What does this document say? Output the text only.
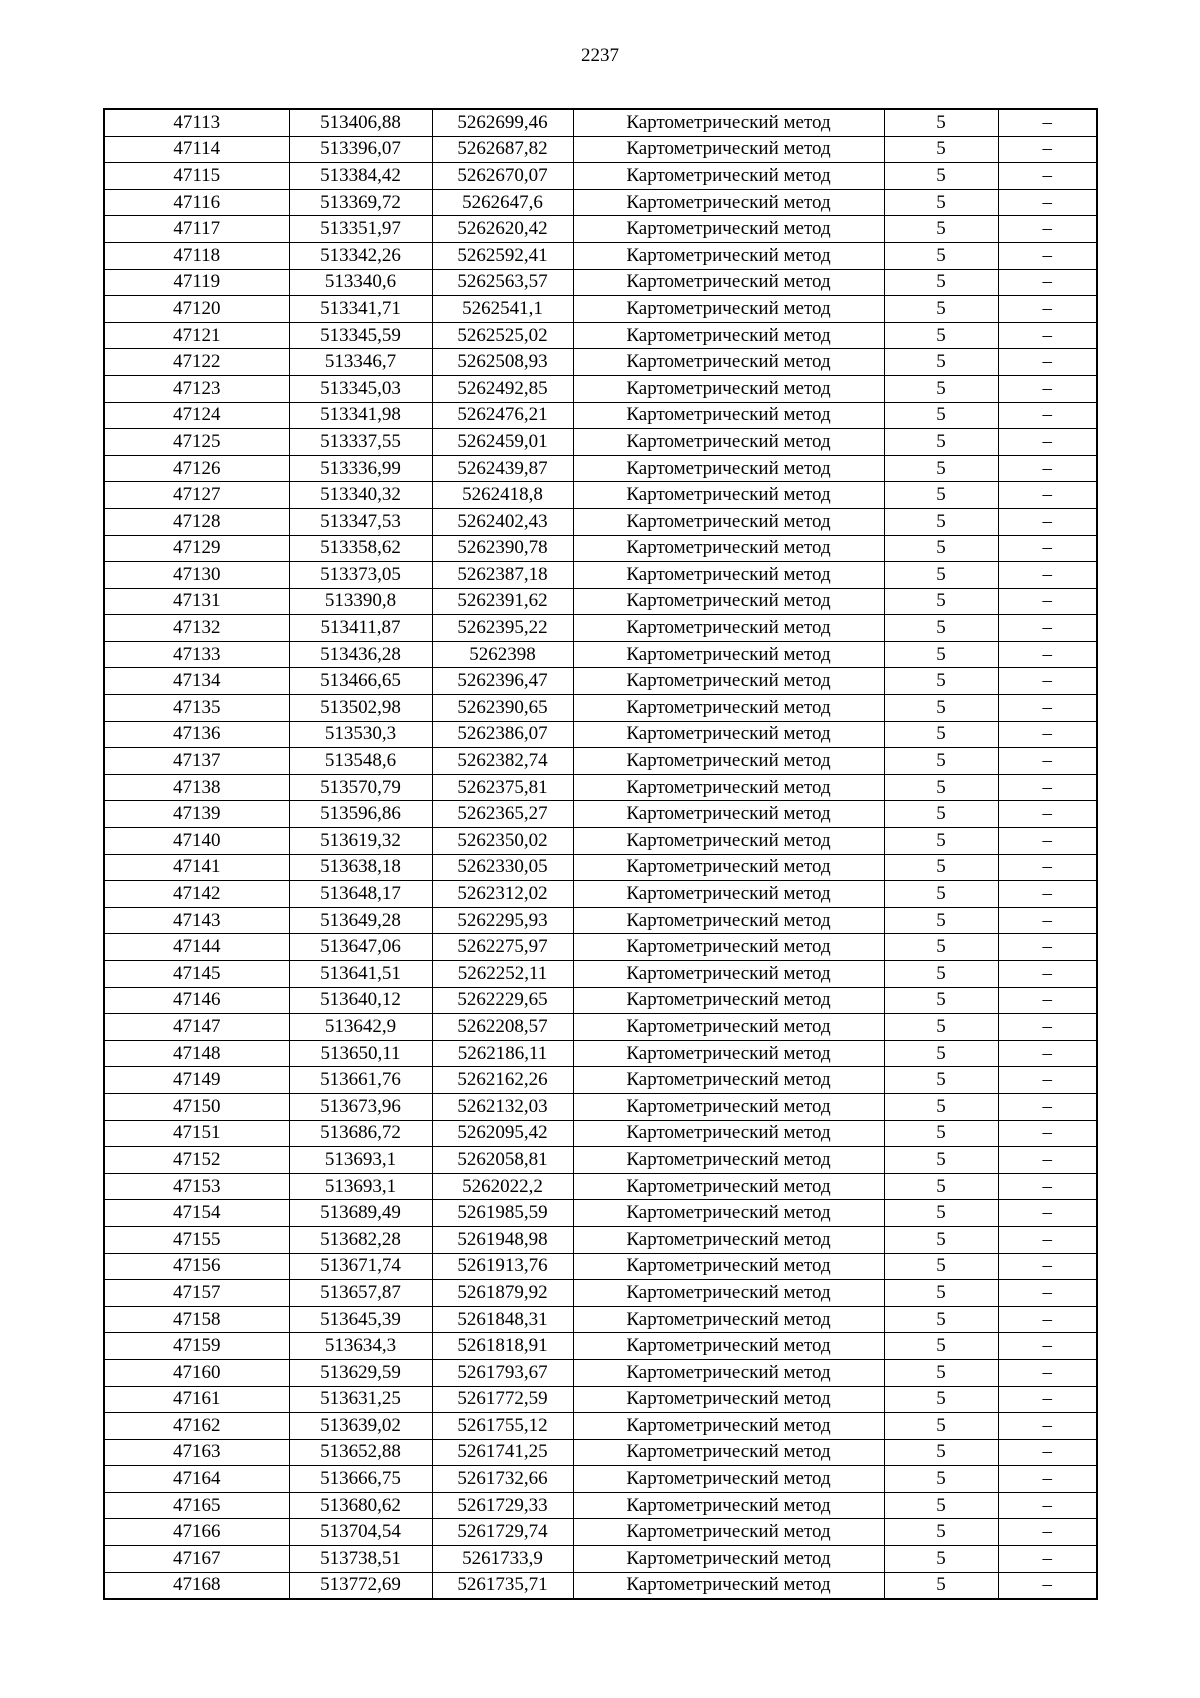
2237
47113	513406,88	5262699,46	Картометрический метод	5	–
47114	513396,07	5262687,82	Картометрический метод	5	–
47115	513384,42	5262670,07	Картометрический метод	5	–
47116	513369,72	5262647,6	Картометрический метод	5	–
47117	513351,97	5262620,42	Картометрический метод	5	–
47118	513342,26	5262592,41	Картометрический метод	5	–
47119	513340,6	5262563,57	Картометрический метод	5	–
47120	513341,71	5262541,1	Картометрический метод	5	–
47121	513345,59	5262525,02	Картометрический метод	5	–
47122	513346,7	5262508,93	Картометрический метод	5	–
47123	513345,03	5262492,85	Картометрический метод	5	–
47124	513341,98	5262476,21	Картометрический метод	5	–
47125	513337,55	5262459,01	Картометрический метод	5	–
47126	513336,99	5262439,87	Картометрический метод	5	–
47127	513340,32	5262418,8	Картометрический метод	5	–
47128	513347,53	5262402,43	Картометрический метод	5	–
47129	513358,62	5262390,78	Картометрический метод	5	–
47130	513373,05	5262387,18	Картометрический метод	5	–
47131	513390,8	5262391,62	Картометрический метод	5	–
47132	513411,87	5262395,22	Картометрический метод	5	–
47133	513436,28	5262398	Картометрический метод	5	–
47134	513466,65	5262396,47	Картометрический метод	5	–
47135	513502,98	5262390,65	Картометрический метод	5	–
47136	513530,3	5262386,07	Картометрический метод	5	–
47137	513548,6	5262382,74	Картометрический метод	5	–
47138	513570,79	5262375,81	Картометрический метод	5	–
47139	513596,86	5262365,27	Картометрический метод	5	–
47140	513619,32	5262350,02	Картометрический метод	5	–
47141	513638,18	5262330,05	Картометрический метод	5	–
47142	513648,17	5262312,02	Картометрический метод	5	–
47143	513649,28	5262295,93	Картометрический метод	5	–
47144	513647,06	5262275,97	Картометрический метод	5	–
47145	513641,51	5262252,11	Картометрический метод	5	–
47146	513640,12	5262229,65	Картометрический метод	5	–
47147	513642,9	5262208,57	Картометрический метод	5	–
47148	513650,11	5262186,11	Картометрический метод	5	–
47149	513661,76	5262162,26	Картометрический метод	5	–
47150	513673,96	5262132,03	Картометрический метод	5	–
47151	513686,72	5262095,42	Картометрический метод	5	–
47152	513693,1	5262058,81	Картометрический метод	5	–
47153	513693,1	5262022,2	Картометрический метод	5	–
47154	513689,49	5261985,59	Картометрический метод	5	–
47155	513682,28	5261948,98	Картометрический метод	5	–
47156	513671,74	5261913,76	Картометрический метод	5	–
47157	513657,87	5261879,92	Картометрический метод	5	–
47158	513645,39	5261848,31	Картометрический метод	5	–
47159	513634,3	5261818,91	Картометрический метод	5	–
47160	513629,59	5261793,67	Картометрический метод	5	–
47161	513631,25	5261772,59	Картометрический метод	5	–
47162	513639,02	5261755,12	Картометрический метод	5	–
47163	513652,88	5261741,25	Картометрический метод	5	–
47164	513666,75	5261732,66	Картометрический метод	5	–
47165	513680,62	5261729,33	Картометрический метод	5	–
47166	513704,54	5261729,74	Картометрический метод	5	–
47167	513738,51	5261733,9	Картометрический метод	5	–
47168	513772,69	5261735,71	Картометрический метод	5	–
